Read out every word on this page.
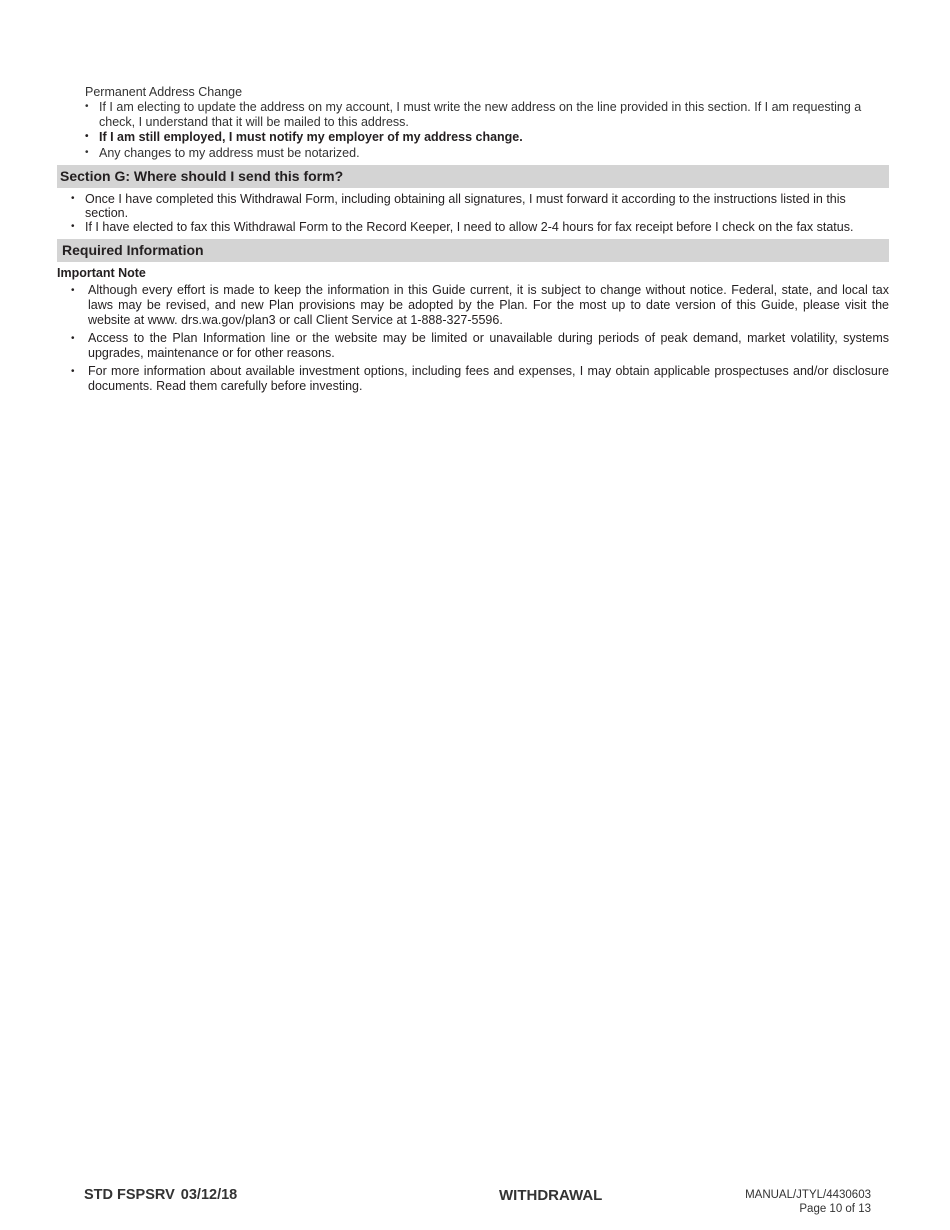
Permanent Address Change
• If I am electing to update the address on my account, I must write the new address on the line provided in this section. If I am requesting a check, I understand that it will be mailed to this address.
• If I am still employed, I must notify my employer of my address change.
• Any changes to my address must be notarized.
Section G: Where should I send this form?
• Once I have completed this Withdrawal Form, including obtaining all signatures, I must forward it according to the instructions listed in this section.
• If I have elected to fax this Withdrawal Form to the Record Keeper, I need to allow 2-4 hours for fax receipt before I check on the fax status.
Required Information
Important Note
• Although every effort is made to keep the information in this Guide current, it is subject to change without notice. Federal, state, and local tax laws may be revised, and new Plan provisions may be adopted by the Plan. For the most up to date version of this Guide, please visit the website at www. drs.wa.gov/plan3 or call Client Service at 1-888-327-5596.
• Access to the Plan Information line or the website may be limited or unavailable during periods of peak demand, market volatility, systems upgrades, maintenance or for other reasons.
• For more information about available investment options, including fees and expenses, I may obtain applicable prospectuses and/or disclosure documents. Read them carefully before investing.
STD FSPSRV 03/12/18	WITHDRAWAL	MANUAL/JTYL/4430603
Page 10 of 13
